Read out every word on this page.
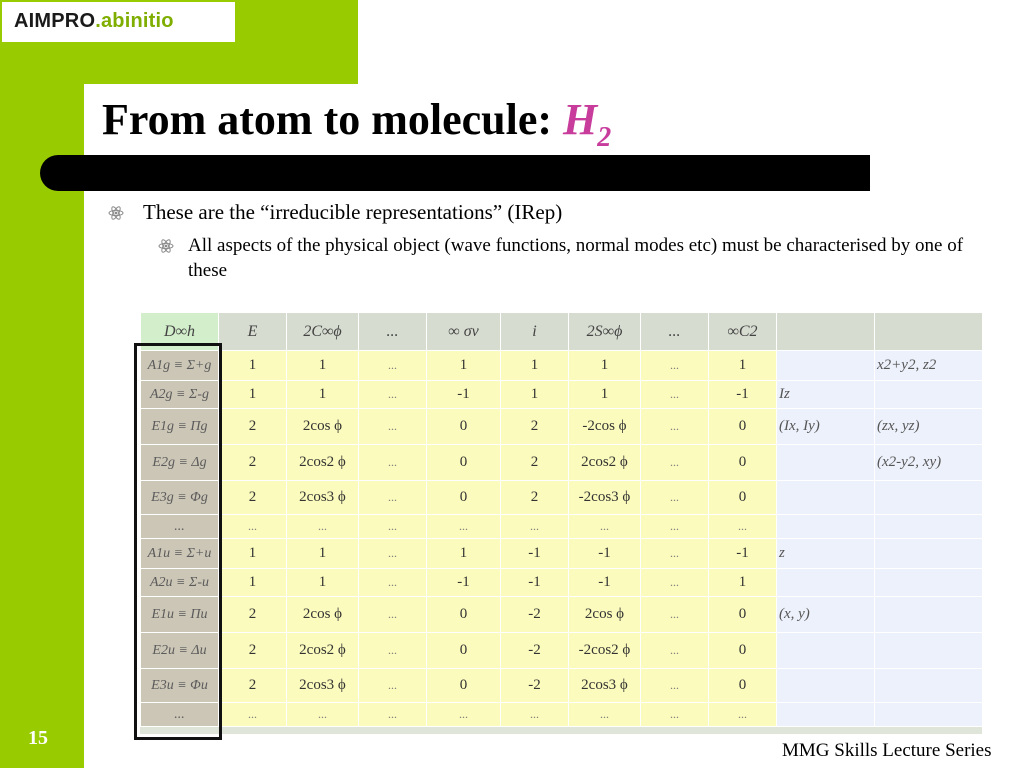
AIMPRO.abinitio
From atom to molecule: $H_2$
These are the “irreducible representations” (IRep)
All aspects of the physical object (wave functions, normal modes etc) must be characterised by one of these
D∞h	E	2C∞ϕ	...	∞ σv	i	2S∞ϕ	...	∞C2		
A1g ≡ Σ+g	1	1	...	1	1	1	...	1		x2+y2, z2
A2g ≡ Σ-g	1	1	...	-1	1	1	...	-1	Iz	
E1g ≡ Πg	2	2cos ϕ	...	0	2	-2cos ϕ	...	0	(Ix, Iy)	(zx, yz)
E2g ≡ Δg	2	2cos2 ϕ	...	0	2	2cos2 ϕ	...	0		(x2-y2, xy)
E3g ≡ Φg	2	2cos3 ϕ	...	0	2	-2cos3 ϕ	...	0		
...	...	...	...	...	...	...	...	...		
A1u ≡ Σ+u	1	1	...	1	-1	-1	...	-1	z	
A2u ≡ Σ-u	1	1	...	-1	-1	-1	...	1		
E1u ≡ Πu	2	2cos ϕ	...	0	-2	2cos ϕ	...	0	(x, y)	
E2u ≡ Δu	2	2cos2 ϕ	...	0	-2	-2cos2 ϕ	...	0		
E3u ≡ Φu	2	2cos3 ϕ	...	0	-2	2cos3 ϕ	...	0		
...	...	...	...	...	...	...	...	...		
15
MMG Skills Lecture Series
